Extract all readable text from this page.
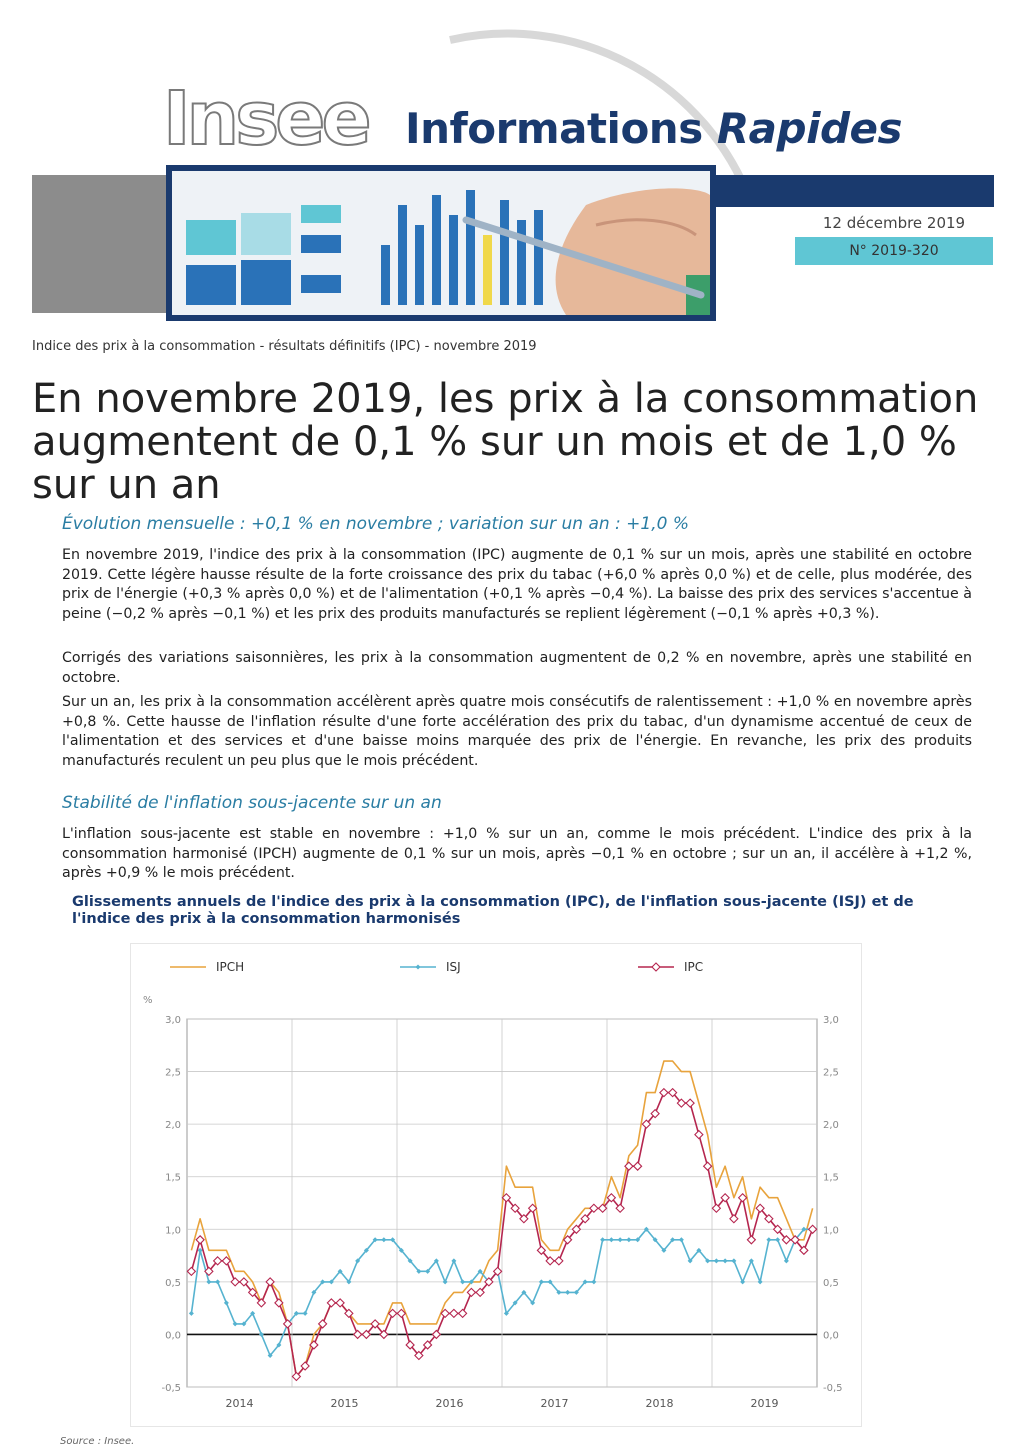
Insee Informations Rapides
12 décembre 2019
N° 2019-320
Indice des prix à la consommation - résultats définitifs (IPC) - novembre 2019
En novembre 2019, les prix à la consommation augmentent de 0,1 % sur un mois et de 1,0 % sur un an
Évolution mensuelle : +0,1 % en novembre ; variation sur un an : +1,0 %

En novembre 2019, l'indice des prix à la consommation (IPC) augmente de 0,1 % sur un mois, après une stabilité en octobre 2019. Cette légère hausse résulte de la forte croissance des prix du tabac (+6,0 % après 0,0 %) et de celle, plus modérée, des prix de l'énergie (+0,3 % après 0,0 %) et de l'alimentation (+0,1 % après −0,4 %). La baisse des prix des services s'accentue à peine (−0,2 % après −0,1 %) et les prix des produits manufacturés se replient légèrement (−0,1 % après +0,3 %).

Corrigés des variations saisonnières, les prix à la consommation augmentent de 0,2 % en novembre, après une stabilité en octobre.

Sur un an, les prix à la consommation accélèrent après quatre mois consécutifs de ralentissement : +1,0 % en novembre après +0,8 %. Cette hausse de l'inflation résulte d'une forte accélération des prix du tabac, d'un dynamisme accentué de ceux de l'alimentation et des services et d'une baisse moins marquée des prix de l'énergie. En revanche, les prix des produits manufacturés reculent un peu plus que le mois précédent.

Stabilité de l'inflation sous-jacente sur un an

L'inflation sous-jacente est stable en novembre : +1,0 % sur un an, comme le mois précédent. L'indice des prix à la consommation harmonisé (IPCH) augmente de 0,1 % sur un mois, après −0,1 % en octobre ; sur un an, il accélère à +1,2 %, après +0,9 % le mois précédent.

Glissements annuels de l'indice des prix à la consommation (IPC), de l'inflation sous-jacente (ISJ) et de l'indice des prix à la consommation harmonisés
3,0	3,0
2,5	2,5
2,0	2,0
1,5	1,5
1,0	1,0
0,5	0,5
0,0	0,0
-0,5	-0,5
%
2014	2015	2016	2017	2018	2019
IPCH	ISJ	IPC
Source : Insee.
